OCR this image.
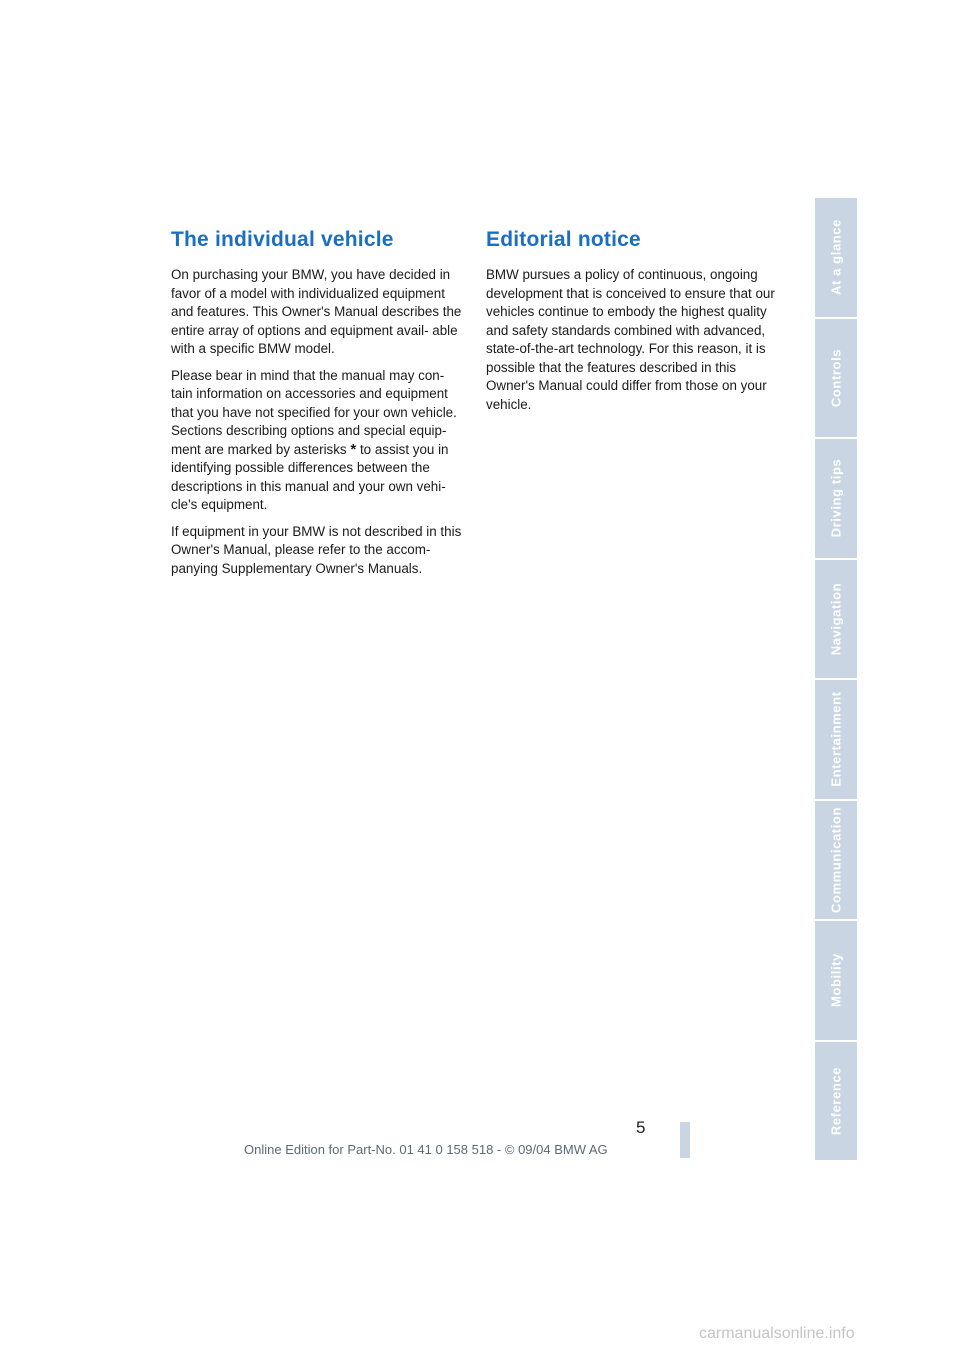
The individual vehicle

On purchasing your BMW, you have decided in favor of a model with individualized equipment and features. This Owner's Manual describes the entire array of options and equipment avail- able with a specific BMW model.

Please bear in mind that the manual may con- tain information on accessories and equipment that you have not specified for your own vehicle. Sections describing options and special equip- ment are marked by asterisks * to assist you in identifying possible differences between the descriptions in this manual and your own vehi- cle's equipment.

If equipment in your BMW is not described in this Owner's Manual, please refer to the accom- panying Supplementary Owner's Manuals.

Editorial notice

BMW pursues a policy of continuous, ongoing development that is conceived to ensure that our vehicles continue to embody the highest quality and safety standards combined with advanced, state-of-the-art technology. For this reason, it is possible that the features described in this Owner's Manual could differ from those on your vehicle.

At a glance
Controls
Driving tips
Navigation
Entertainment
Communication
Mobility
Reference
5
Online Edition for Part-No. 01 41 0 158 518 - © 09/04 BMW AG
carmanualsonline.info
